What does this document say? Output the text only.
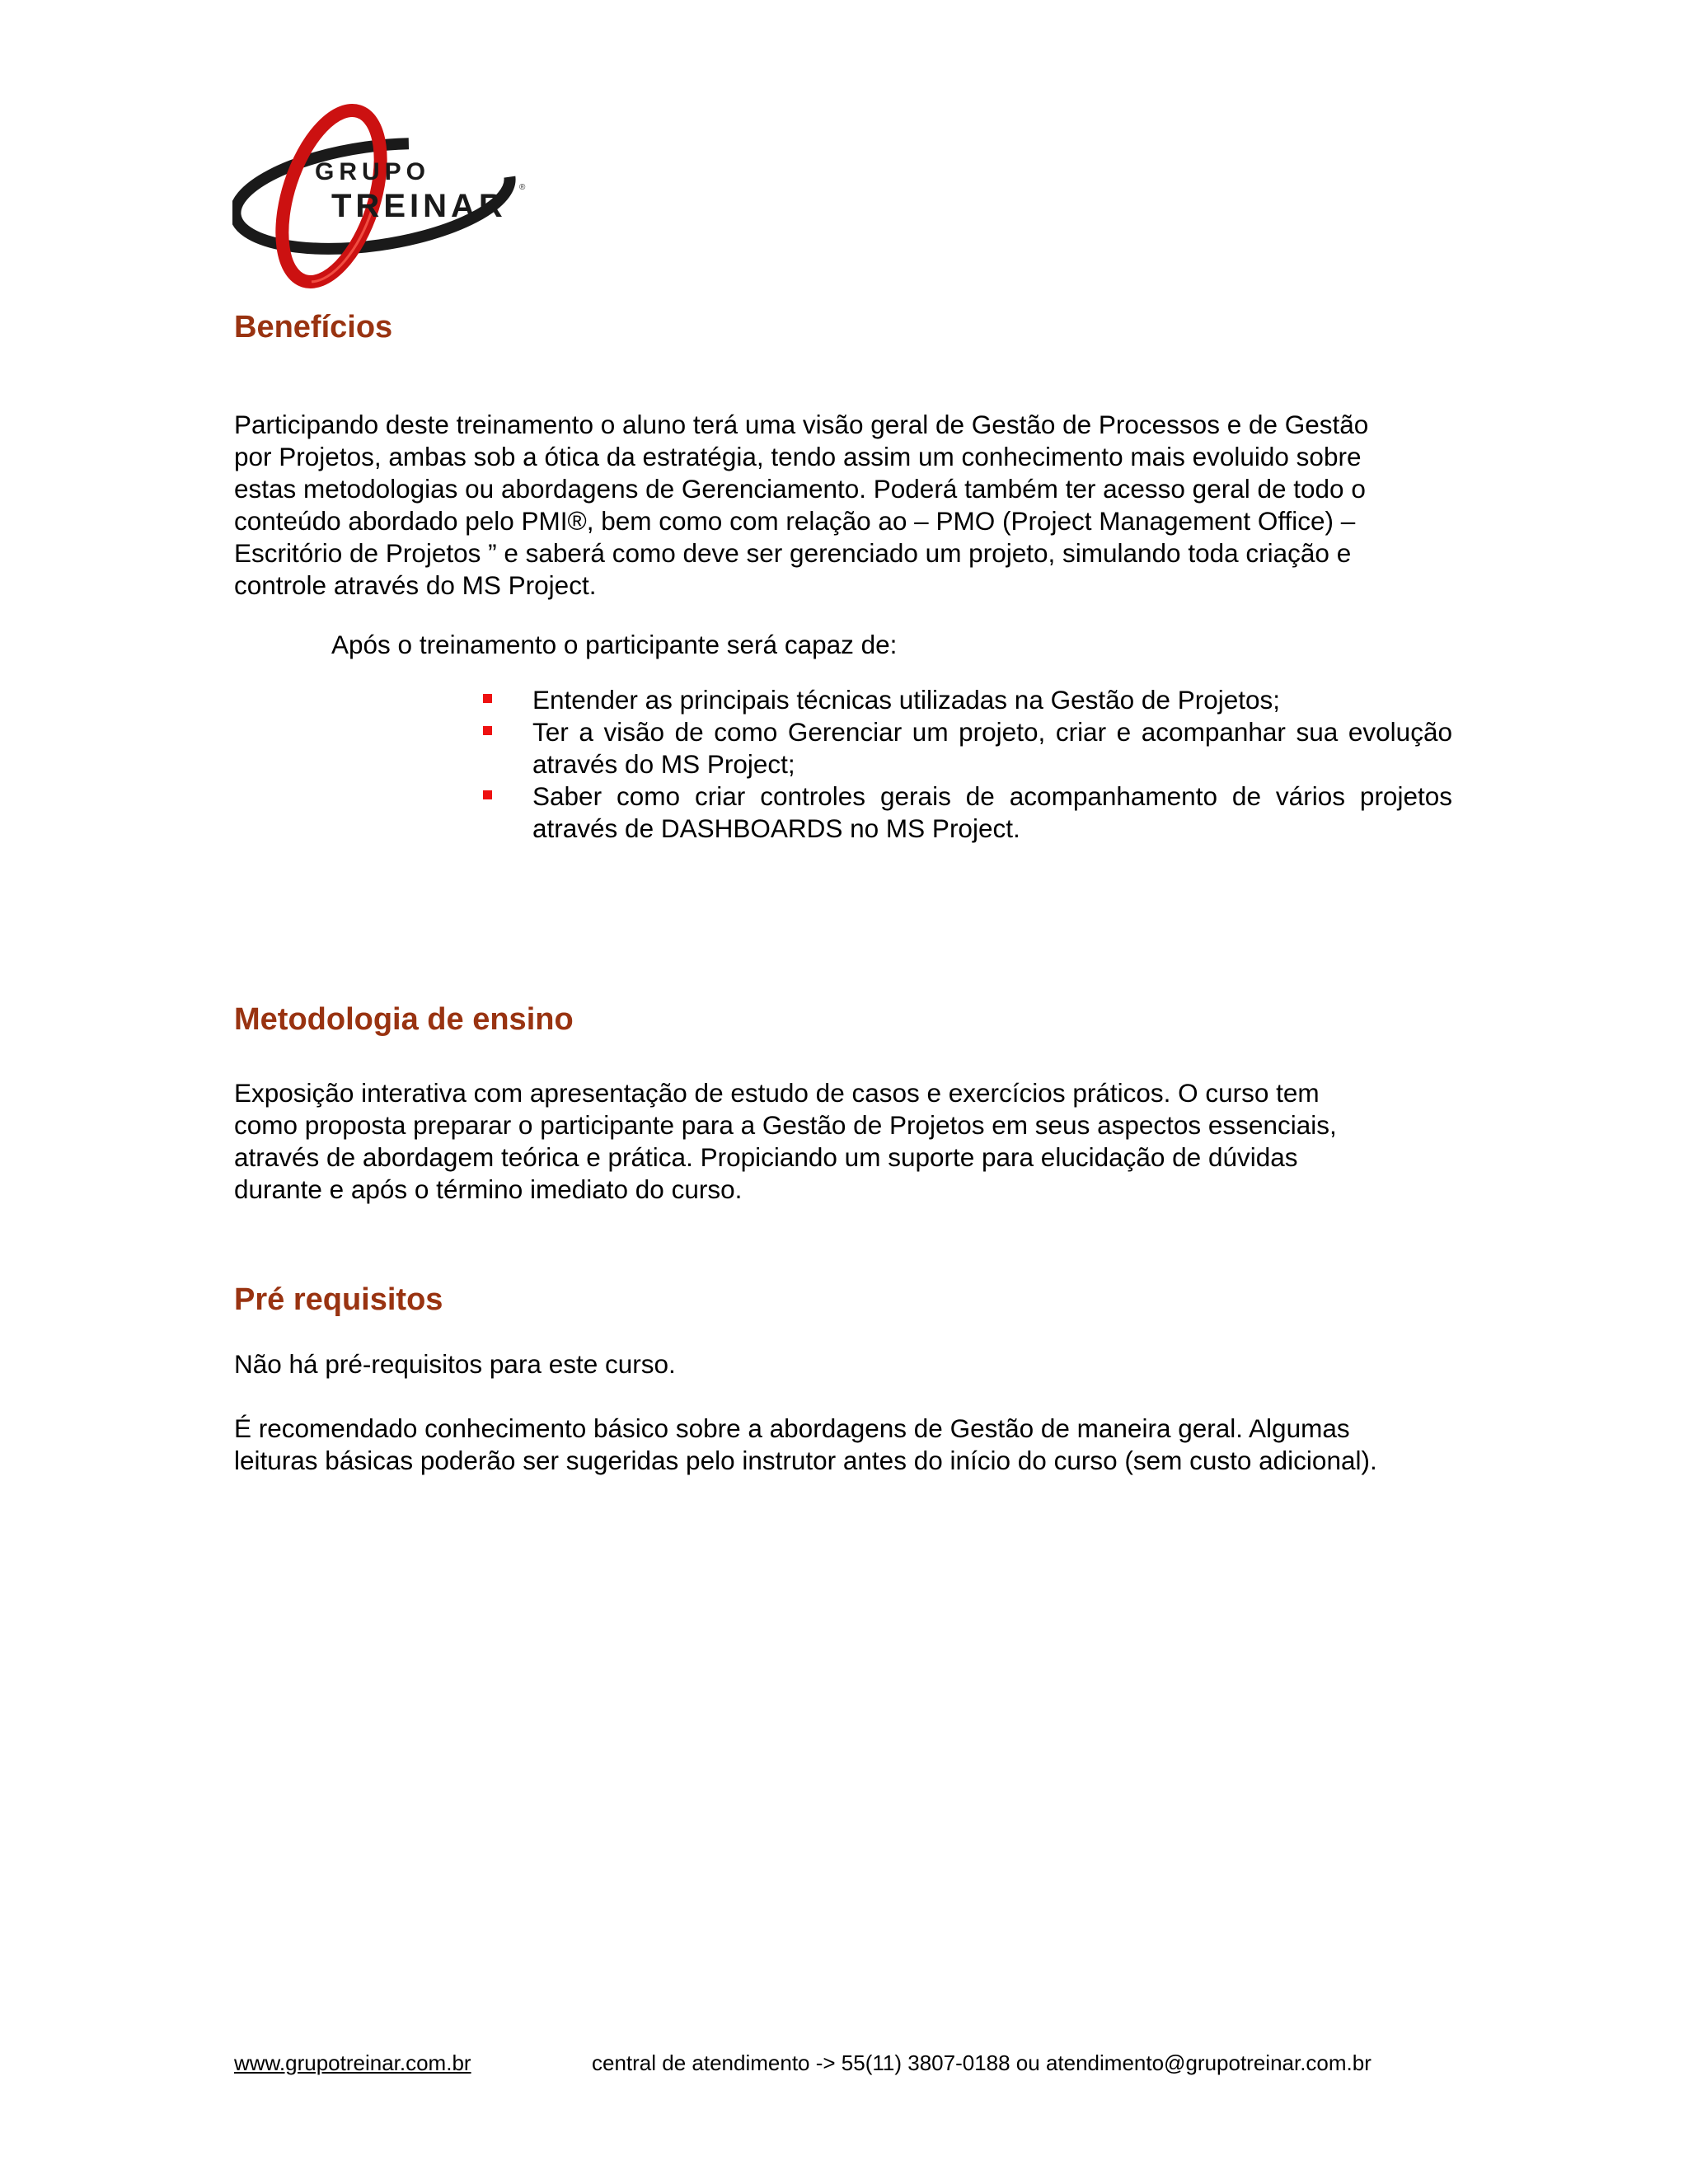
GRUPO
TREINAR
®
Benefícios
Participando deste treinamento o aluno terá uma visão geral de Gestão de Processos e de Gestão
por Projetos, ambas sob a ótica da estratégia, tendo assim um conhecimento mais evoluido sobre
estas metodologias ou abordagens de Gerenciamento. Poderá também ter acesso geral de todo o
conteúdo abordado pelo PMI®, bem como com relação ao – PMO (Project Management Office) –
Escritório de Projetos ” e saberá como deve ser gerenciado um projeto, simulando toda criação e
controle através do MS Project.

Após o treinamento o participante será capaz de:

Entender as principais técnicas utilizadas na Gestão de Projetos;
Ter a visão de como Gerenciar um projeto, criar e acompanhar sua evolução através do MS Project;
Saber como criar controles gerais de acompanhamento de vários projetos através de DASHBOARDS no MS Project.
Metodologia de ensino
Exposição interativa com apresentação de estudo de casos e exercícios práticos. O curso tem
como proposta preparar o participante para a Gestão de Projetos em seus aspectos essenciais,
através de abordagem teórica e prática. Propiciando um suporte para elucidação de dúvidas
durante e após o término imediato do curso.
Pré requisitos

Não há pré-requisitos para este curso.

É recomendado conhecimento básico sobre a abordagens de Gestão de maneira geral. Algumas
leituras básicas poderão ser sugeridas pelo instrutor antes do início do curso (sem custo adicional).
www.grupotreinar.com.br	central de atendimento -> 55(11) 3807-0188 ou atendimento@grupotreinar.com.br
